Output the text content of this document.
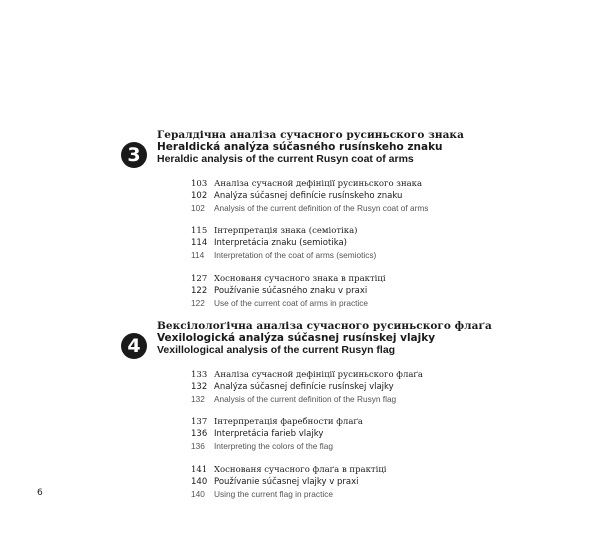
3
Гералдічна аналіза сучасного русиньского знака
Heraldická analýza súčasného rusínskeho znaku
Heraldic analysis of the current Rusyn coat of arms
103 Аналіза сучасной дефініції русиньского знака
102 Analýza súčasnej definície rusínskeho znaku
102 Analysis of the current definition of the Rusyn coat of arms
115 Інтерпретація знака (семіотіка)
114 Interpretácia znaku (semiotika)
114	Interpretation of the coat of arms (semiotics)
127 Хоснованя сучасного знака в практіці
122 Používanie súčasného znaku v praxi
122 Use of the current coat of arms in practice
4
Вексілолоґічна аналіза сучасного русиньского флаґа
Vexilologická analýza súčasnej rusínskej vlajky
Vexillological analysis of the current Rusyn flag
133 Аналіза сучасной дефініції русиньского флаґа
132 Analýza súčasnej definície rusínskej vlajky
132 Analysis of the current definition of the Rusyn flag
137 Інтерпретація фаребности флаґа
136 Interpretácia farieb vlajky
136 Interpreting the colors of the flag
141 Хоснованя сучасного флаґа в практіці
140 Používanie súčasnej vlajky v praxi
140 Using the current flag in practice
6
